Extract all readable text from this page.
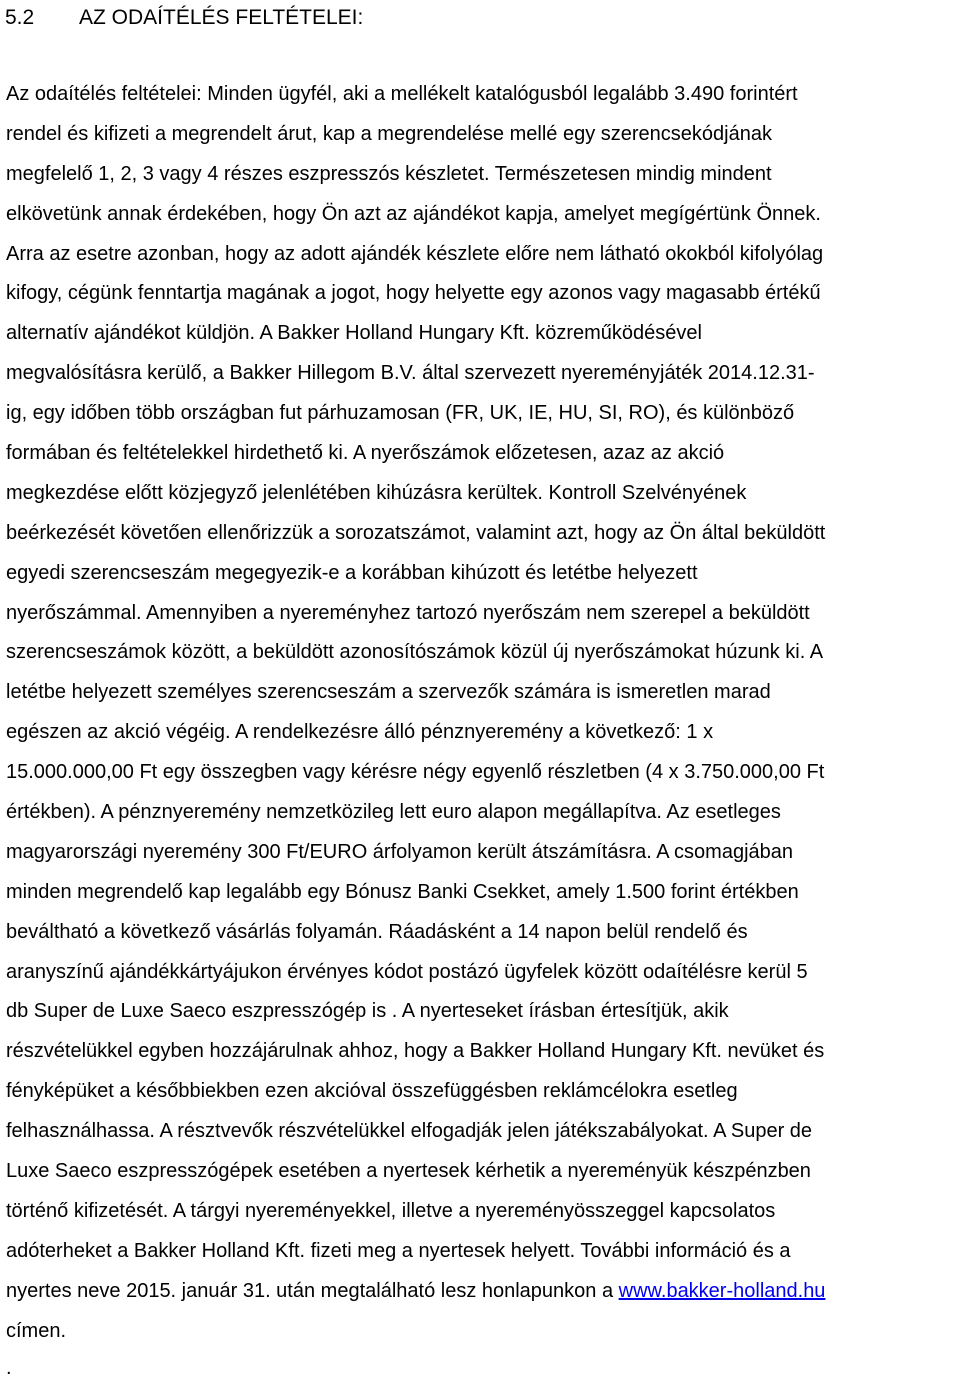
5.2 AZ ODAÍTÉLÉS FELTÉTELEI:
Az odaítélés feltételei: Minden ügyfél, aki a mellékelt katalógusból legalább 3.490 forintért
rendel és kifizeti a megrendelt árut, kap a megrendelése mellé egy szerencsekódjának
megfelelő 1, 2, 3 vagy 4 részes eszpresszós készletet. Természetesen mindig mindent
elkövetünk annak érdekében, hogy Ön azt az ajándékot kapja, amelyet megígértünk Önnek.
Arra az esetre azonban, hogy az adott ajándék készlete előre nem látható okokból kifolyólag
kifogy, cégünk fenntartja magának a jogot, hogy helyette egy azonos vagy magasabb értékű
alternatív ajándékot küldjön. A Bakker Holland Hungary Kft. közreműködésével
megvalósításra kerülő, a Bakker Hillegom B.V. által szervezett nyereményjáték 2014.12.31-
ig, egy időben több országban fut párhuzamosan (FR, UK, IE, HU, SI, RO), és különböző
formában és feltételekkel hirdethető ki. A nyerőszámok előzetesen, azaz az akció
megkezdése előtt közjegyző jelenlétében kihúzásra kerültek. Kontroll Szelvényének
beérkezését követően ellenőrizzük a sorozatszámot, valamint azt, hogy az Ön által beküldött
egyedi szerencseszám megegyezik-e a korábban kihúzott és letétbe helyezett
nyerőszámmal. Amennyiben a nyereményhez tartozó nyerőszám nem szerepel a beküldött
szerencseszámok között, a beküldött azonosítószámok közül új nyerőszámokat húzunk ki. A
letétbe helyezett személyes szerencseszám a szervezők számára is ismeretlen marad
egészen az akció végéig. A rendelkezésre álló pénznyeremény a következő: 1 x
15.000.000,00 Ft egy összegben vagy kérésre négy egyenlő részletben (4 x 3.750.000,00 Ft
értékben). A pénznyeremény nemzetközileg lett euro alapon megállapítva. Az esetleges
magyarországi nyeremény 300 Ft/EURO árfolyamon került átszámításra. A csomagjában
minden megrendelő kap legalább egy Bónusz Banki Csekket, amely 1.500 forint értékben
beváltható a következő vásárlás folyamán. Ráadásként a 14 napon belül rendelő és
aranyszínű ajándékkártyájukon érvényes kódot postázó ügyfelek között odaítélésre kerül 5
db Super de Luxe Saeco eszpresszógép is . A nyerteseket írásban értesítjük, akik
részvételükkel egyben hozzájárulnak ahhoz, hogy a Bakker Holland Hungary Kft. nevüket és
fényképüket a későbbiekben ezen akcióval összefüggésben reklámcélokra esetleg
felhasználhassa. A résztvevők részvételükkel elfogadják jelen játékszabályokat. A Super de
Luxe Saeco eszpresszógépek esetében a nyertesek kérhetik a nyereményük készpénzben
történő kifizetését. A tárgyi nyereményekkel, illetve a nyereményösszeggel kapcsolatos
adóterheket a Bakker Holland Kft. fizeti meg a nyertesek helyett. További információ és a
nyertes neve 2015. január 31. után megtalálható lesz honlapunkon a www.bakker-holland.hu
címen.
.
